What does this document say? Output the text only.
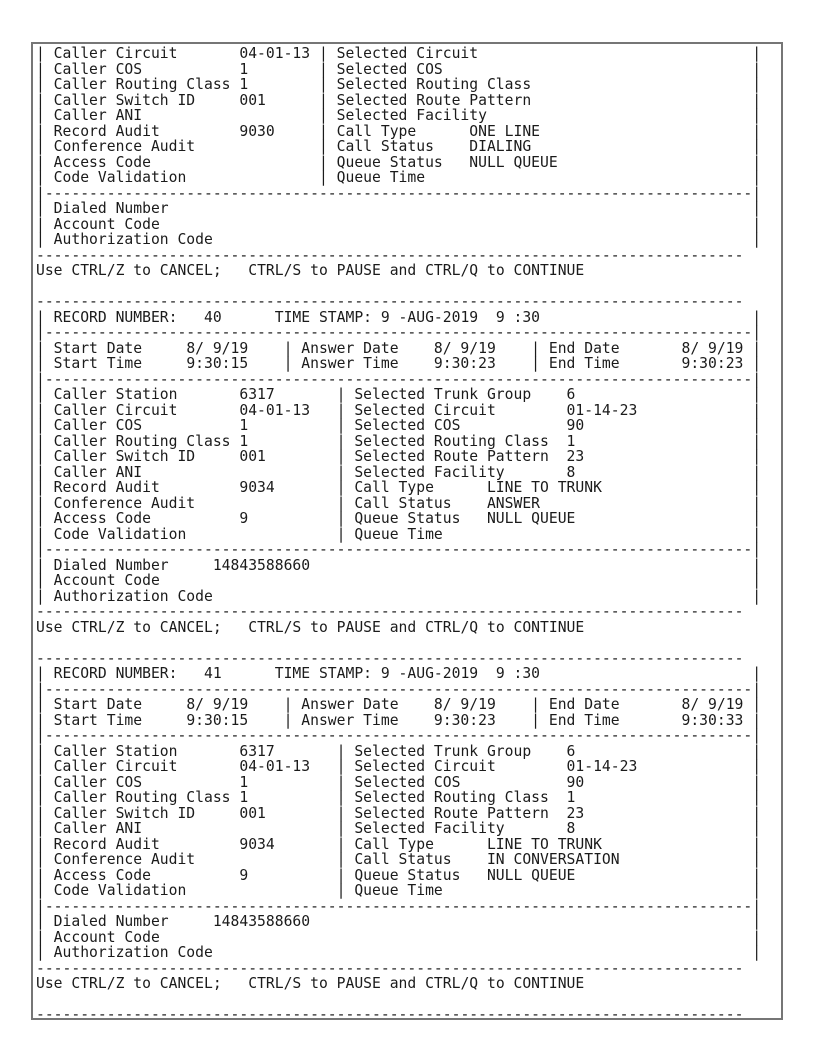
| Caller Circuit	04-01-13 | Selected Circuit	|
| Caller COS	1	| Selected COS	|
| Caller Routing Class 1	| Selected Routing Class	|
| Caller Switch ID	001	| Selected Route Pattern	|
| Caller ANI	| Selected Facility	|
| Record Audit	9030	| Call Type	ONE LINE	|
| Conference Audit	| Call Status DIALING	|
| Access Code	| Queue Status NULL QUEUE	|
| Code Validation	| Queue Time	|
| -------------------------------------------------------------------------------- |
| Dialed Number	|
| Account Code	|
| Authorization Code	|
--------------------------------------------------------------------------------
Use CTRL/Z to CANCEL;   CTRL/S to PAUSE and CTRL/Q to CONTINUE
--------------------------------------------------------------------------------
| RECORD NUMBER: 40	TIME STAMP: 9 -AUG-2019  9 :30	|
| -------------------------------------------------------------------------------- |
| Start Date	8/ 9/19 | Answer Date 8/ 9/19 | End Date	8/ 9/19 |
| Start Time	9:30:15 | Answer Time 9:30:23 | End Time	9:30:23 |
| -------------------------------------------------------------------------------- |
| Caller Station	6317	| Selected Trunk Group 6	|
| Caller Circuit	04-01-13 | Selected Circuit	01-14-23	|
| Caller COS	1	| Selected COS	90	|
| Caller Routing Class 1	| Selected Routing Class 1	|
| Caller Switch ID	001	| Selected Route Pattern 23	|
| Caller ANI	| Selected Facility	8	|
| Record Audit	9034	| Call Type	LINE TO TRUNK	|
| Conference Audit	| Call Status ANSWER	|
| Access Code	9	| Queue Status NULL QUEUE	|
| Code Validation	| Queue Time	|
| -------------------------------------------------------------------------------- |
| Dialed Number	14843588660	|
| Account Code	|
| Authorization Code	|
--------------------------------------------------------------------------------
Use CTRL/Z to CANCEL;   CTRL/S to PAUSE and CTRL/Q to CONTINUE
--------------------------------------------------------------------------------
| RECORD NUMBER: 41	TIME STAMP: 9 -AUG-2019  9 :30	|
| -------------------------------------------------------------------------------- |
| Start Date	8/ 9/19 | Answer Date 8/ 9/19 | End Date	8/ 9/19 |
| Start Time	9:30:15 | Answer Time 9:30:23 | End Time	9:30:33 |
| -------------------------------------------------------------------------------- |
| Caller Station	6317	| Selected Trunk Group 6	|
| Caller Circuit	04-01-13 | Selected Circuit	01-14-23	|
| Caller COS	1	| Selected COS	90	|
| Caller Routing Class 1	| Selected Routing Class 1	|
| Caller Switch ID	001	| Selected Route Pattern 23	|
| Caller ANI	| Selected Facility	8	|
| Record Audit	9034	| Call Type	LINE TO TRUNK	|
| Conference Audit	| Call Status IN CONVERSATION	|
| Access Code	9	| Queue Status NULL QUEUE	|
| Code Validation	| Queue Time	|
| -------------------------------------------------------------------------------- |
| Dialed Number	14843588660	|
| Account Code	|
| Authorization Code	|
--------------------------------------------------------------------------------
Use CTRL/Z to CANCEL;   CTRL/S to PAUSE and CTRL/Q to CONTINUE
--------------------------------------------------------------------------------
